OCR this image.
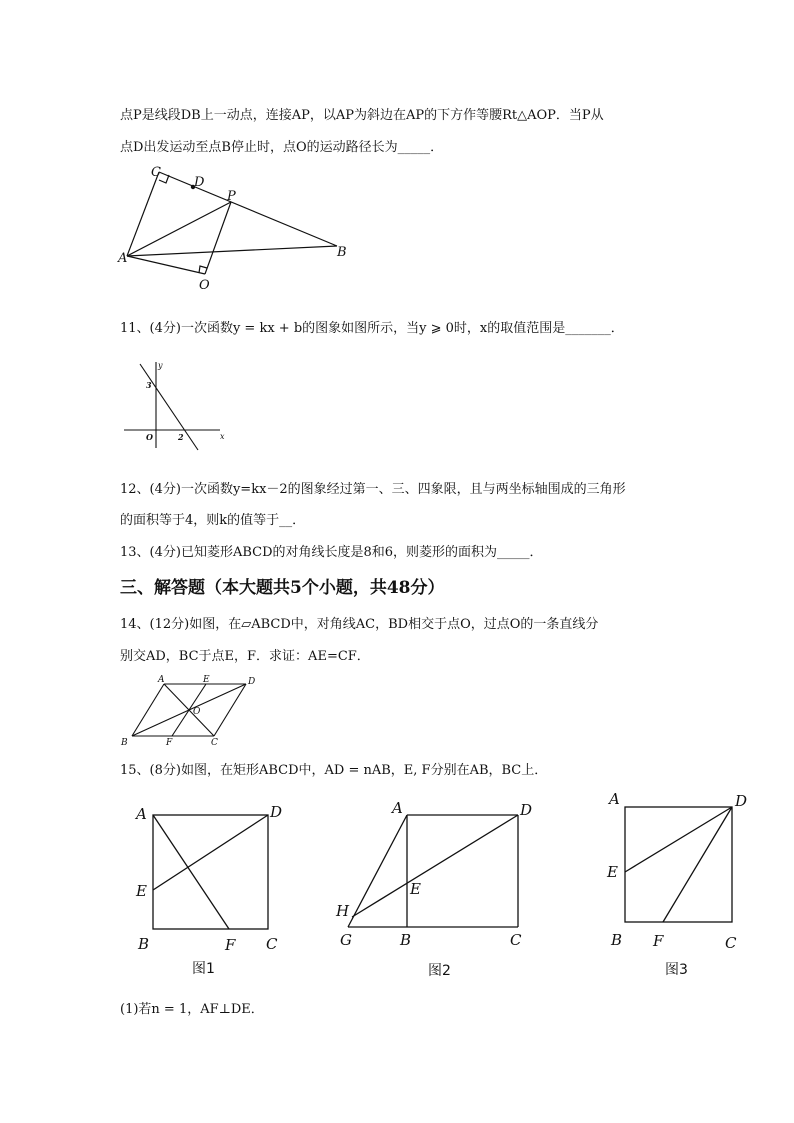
点P是线段DB上一动点，连接AP，以AP为斜边在AP的下方作等腰Rt△AOP．当P从
点D出发运动至点B停止时，点O的运动路径长为_____．
C
D
P
A	B
O
11、(4分)一次函数y = kx + b的图象如图所示，当y ⩾ 0时，x的取值范围是_______．
y
x
O
3
2
12、(4分)一次函数y=kx－2的图象经过第一、三、四象限，且与两坐标轴围成的三角形
的面积等于4，则k的值等于__．
13、(4分)已知菱形ABCD的对角线长度是8和6，则菱形的面积为_____．
三、解答题（本大题共5个小题，共48分）
14、(12分)如图，在▱ABCD中，对角线AC，BD相交于点O，过点O的一条直线分
别交AD，BC于点E，F．求证：AE=CF．
A	E	D
O
B	F	C
15、(8分)如图，在矩形ABCD中，AD = nAB，E, F分别在AB，BC上．
A	D
E
B	F C
图1
A	D
E
H
G	B	C
图2
A	D
E
B F	C
图3
(1)若n = 1，AF⊥DE．
